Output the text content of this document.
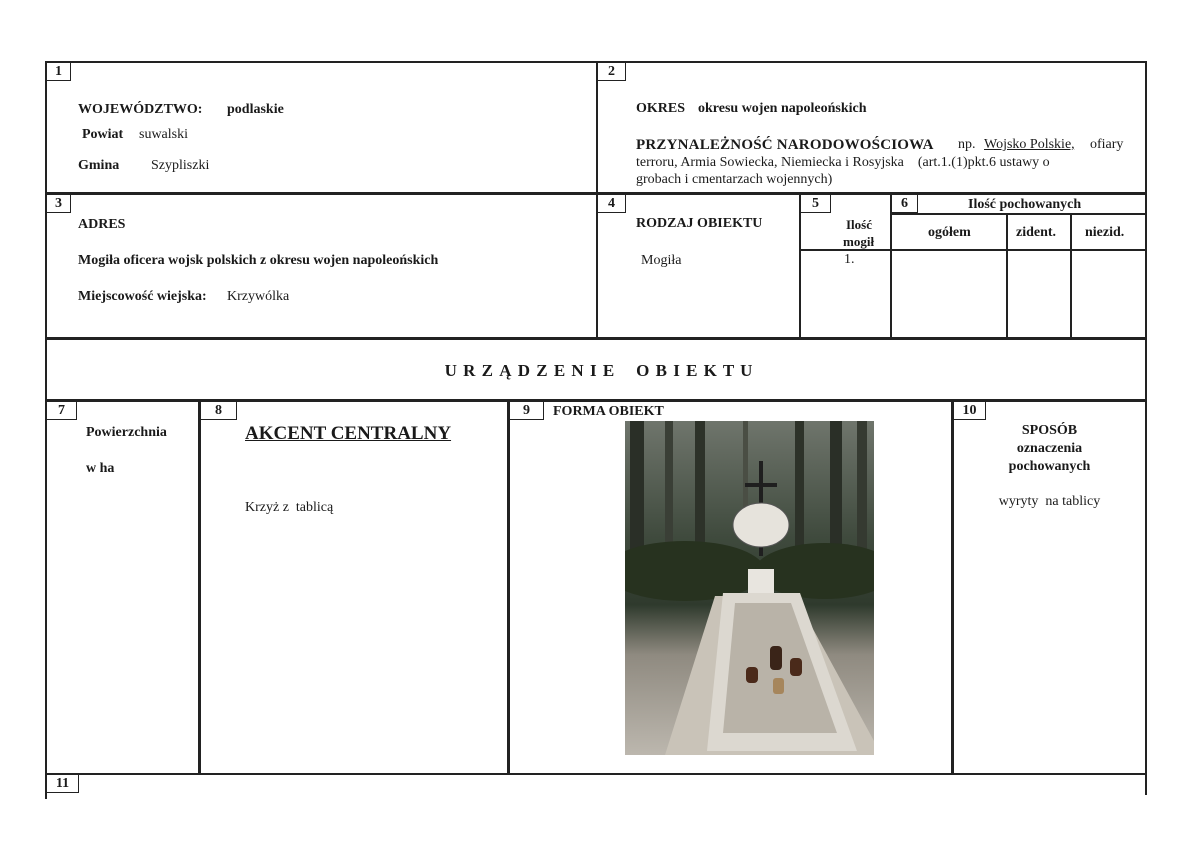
1	2
3	4	5	6
7	8	9	10
11
WOJEWÓDZTWO: podlaskie
Powiat suwalski
Gmina Szypliszki
OKRES okresu wojen napoleońskich
PRZYNALEŻNOŚĆ NARODOWOŚCIOWA np. Wojsko Polskie, ofiary
terroru, Armia Sowiecka, Niemiecka i Rosyjska    (art.1.(1)pkt.6 ustawy o
grobach i cmentarzach wojennych)
ADRES
Mogiła oficera wojsk polskich z okresu wojen napoleońskich
Miejscowość wiejska: Krzywólka
RODZAJ OBIEKTU
Mogiła
Ilość
mogił
1.
Ilość pochowanych
ogółem	zident. niezid.
U R Z Ą D Z E N I E    O B I E K T U
Powierzchnia
w ha
AKCENT CENTRALNY
Krzyż z  tablicą
FORMA OBIEKT
SPOSÓB
oznaczenia
pochowanych
wyryty  na tablicy
